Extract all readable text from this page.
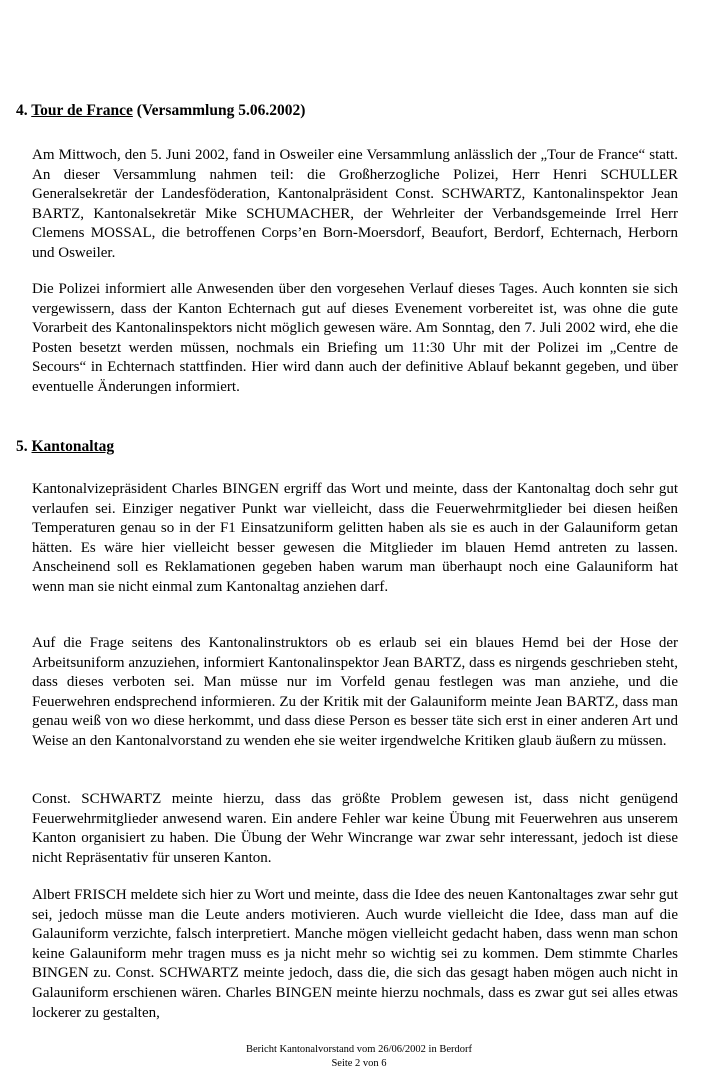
4. Tour de France (Versammlung 5.06.2002)

Am Mittwoch, den 5. Juni 2002, fand in Osweiler eine Versammlung anlässlich der „Tour de France“ statt. An dieser Versammlung nahmen teil: die Großherzogliche Polizei, Herr Henri SCHULLER Generalsekretär der Landesföderation, Kantonalpräsident Const. SCHWARTZ, Kantonalinspektor Jean BARTZ, Kantonalsekretär Mike SCHUMACHER, der Wehrleiter der Verbandsgemeinde Irrel Herr Clemens MOSSAL, die betroffenen Corps’en Born-Moersdorf, Beaufort, Berdorf, Echternach, Herborn und Osweiler.

Die Polizei informiert alle Anwesenden über den vorgesehen Verlauf dieses Tages. Auch konnten sie sich vergewissern, dass der Kanton Echternach gut auf dieses Evenement vorbereitet ist, was ohne die gute Vorarbeit des Kantonalinspektors nicht möglich gewesen wäre. Am Sonntag, den 7. Juli 2002 wird, ehe die Posten besetzt werden müssen, nochmals ein Briefing um 11:30 Uhr mit der Polizei im „Centre de Secours“ in Echternach stattfinden. Hier wird dann auch der definitive Ablauf bekannt gegeben, und über eventuelle Änderungen informiert.

5. Kantonaltag

Kantonalvizepräsident Charles BINGEN ergriff das Wort und meinte, dass der Kantonaltag doch sehr gut verlaufen sei. Einziger negativer Punkt war vielleicht, dass die Feuerwehrmitglieder bei diesen heißen Temperaturen genau so in der F1 Einsatzuniform gelitten haben als sie es auch in der Galauniform getan hätten. Es wäre hier vielleicht besser gewesen die Mitglieder im blauen Hemd antreten zu lassen. Anscheinend soll es Reklamationen gegeben haben warum man überhaupt noch eine Galauniform hat wenn man sie nicht einmal zum Kantonaltag anziehen darf.

Auf die Frage seitens des Kantonalinstruktors ob es erlaub sei ein blaues Hemd bei der Hose der Arbeitsuniform anzuziehen, informiert Kantonalinspektor Jean BARTZ, dass es nirgends geschrieben steht, dass dieses verboten sei. Man müsse nur im Vorfeld genau festlegen was man anziehe, und die Feuerwehren endsprechend informieren. Zu der Kritik mit der Galauniform meinte Jean BARTZ, dass man genau weiß von wo diese herkommt, und dass diese Person es besser täte sich erst in einer anderen Art und Weise an den Kantonalvorstand zu wenden ehe sie weiter irgendwelche Kritiken glaub äußern zu müssen.

Const. SCHWARTZ meinte hierzu, dass das größte Problem gewesen ist, dass nicht genügend Feuerwehrmitglieder anwesend waren. Ein andere Fehler war keine Übung mit Feuerwehren aus unserem Kanton organisiert zu haben. Die Übung der Wehr Wincrange war zwar sehr interessant, jedoch ist diese nicht Repräsentativ für unseren Kanton.

Albert FRISCH meldete sich hier zu Wort und meinte, dass die Idee des neuen Kantonaltages zwar sehr gut sei, jedoch müsse man die Leute anders motivieren. Auch wurde vielleicht die Idee, dass man auf die Galauniform verzichte, falsch interpretiert. Manche mögen vielleicht gedacht haben, dass wenn man schon keine Galauniform mehr tragen muss es ja nicht mehr so wichtig sei zu kommen. Dem stimmte Charles BINGEN zu. Const. SCHWARTZ meinte jedoch, dass die, die sich das gesagt haben mögen auch nicht in Galauniform erschienen wären. Charles BINGEN meinte hierzu nochmals, dass es zwar gut sei alles etwas lockerer zu gestalten,

Bericht Kantonalvorstand vom 26/06/2002 in Berdorf
Seite 2 von 6
